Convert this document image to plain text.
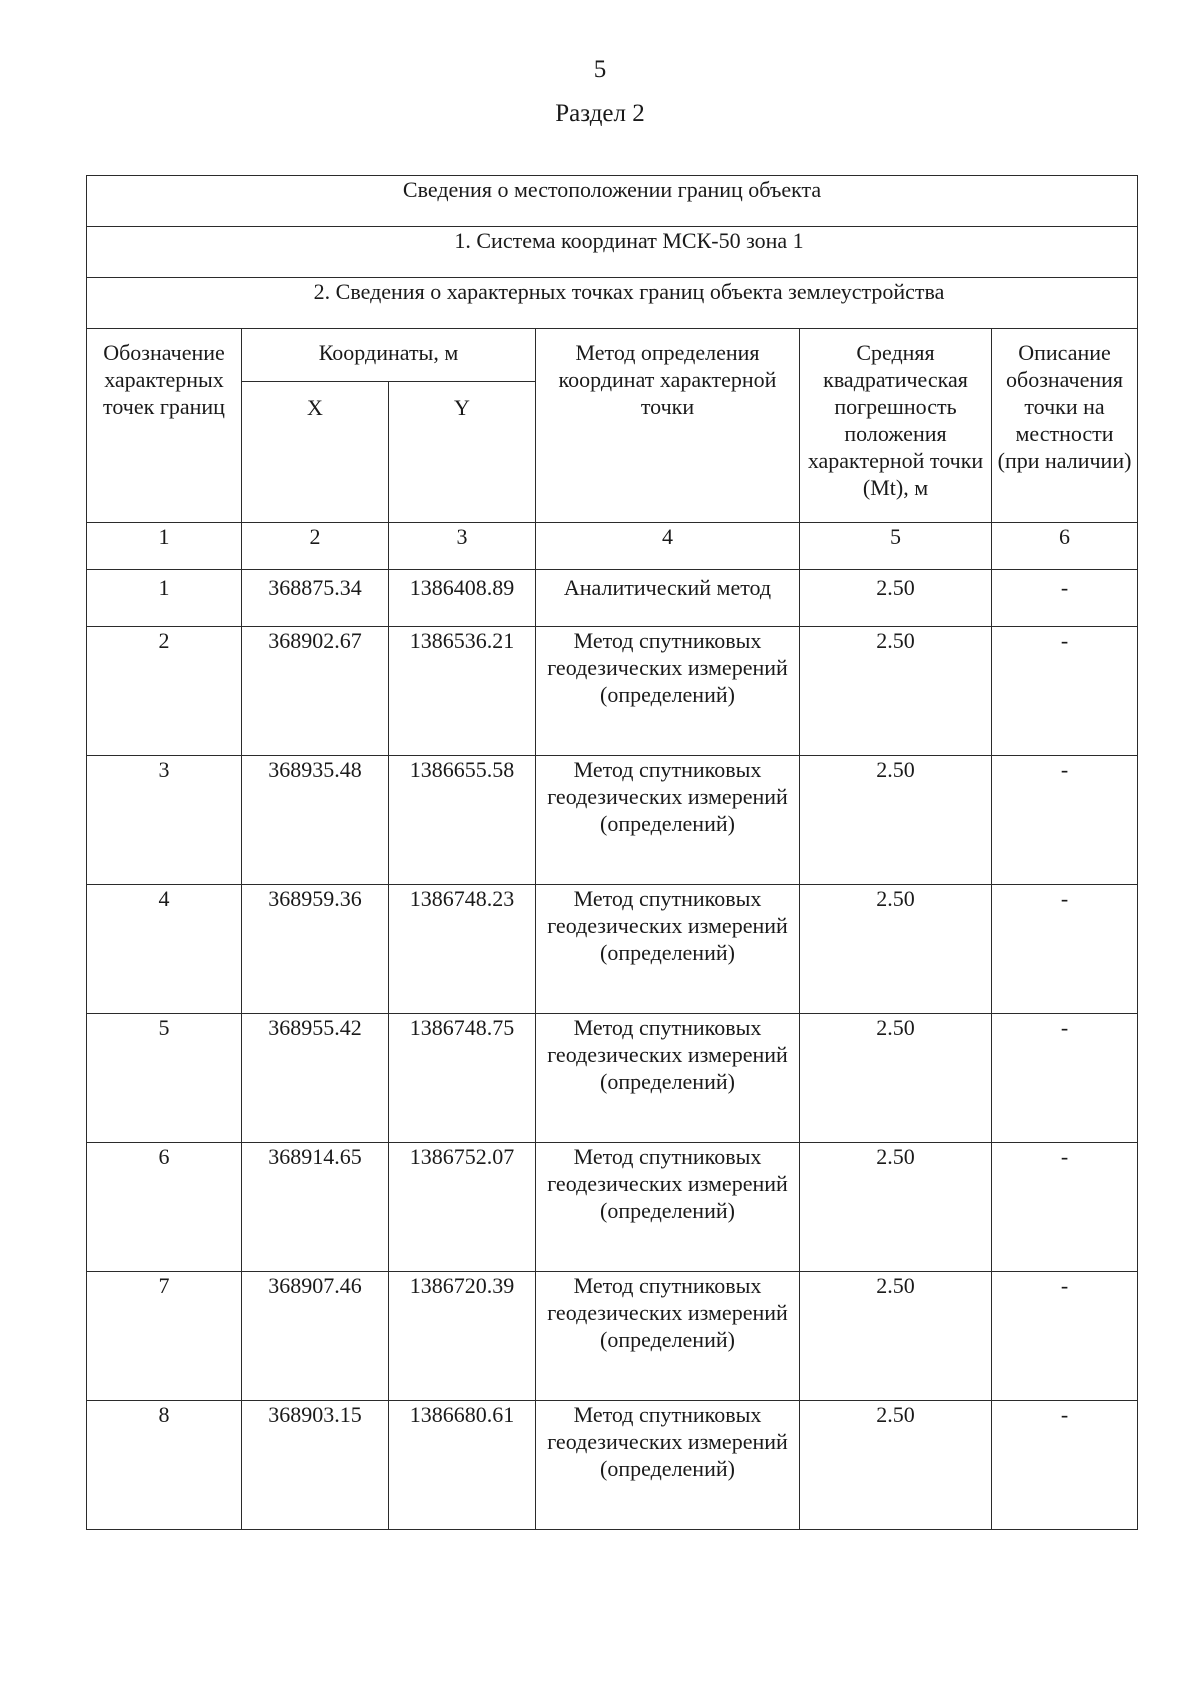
5
Раздел 2
Сведения о местоположении границ объекта					
1. Система координат МСК-50 зона 1					
2. Сведения о характерных точках границ объекта землеустройства					
Обозначение характерных точек границ	Координаты, м		Метод определения координат характерной точки	Средняя квадратическая погрешность положения характерной точки (Mt), м	Описание обозначения точки на местности (при наличии)
	X	Y			
1	2	3	4	5	6
1	368875.34	1386408.89	Аналитический метод	2.50	-
2	368902.67	1386536.21	Метод спутниковых геодезических измерений (определений)	2.50	-
3	368935.48	1386655.58	Метод спутниковых геодезических измерений (определений)	2.50	-
4	368959.36	1386748.23	Метод спутниковых геодезических измерений (определений)	2.50	-
5	368955.42	1386748.75	Метод спутниковых геодезических измерений (определений)	2.50	-
6	368914.65	1386752.07	Метод спутниковых геодезических измерений (определений)	2.50	-
7	368907.46	1386720.39	Метод спутниковых геодезических измерений (определений)	2.50	-
8	368903.15	1386680.61	Метод спутниковых геодезических измерений (определений)	2.50	-
